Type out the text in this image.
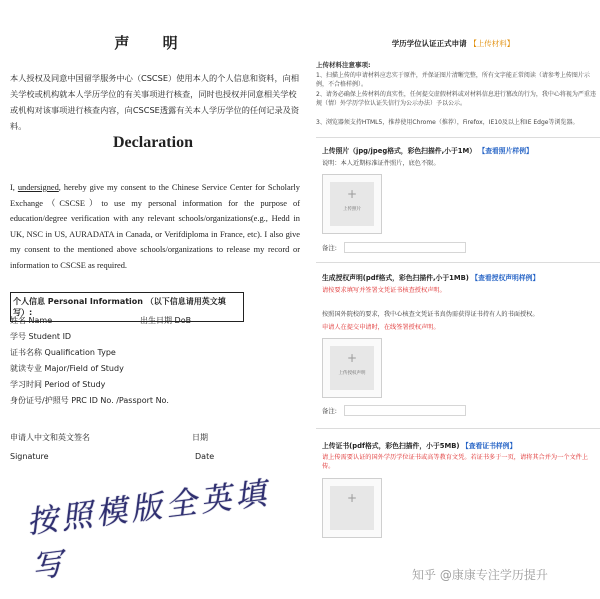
声 明

本人授权及同意中国留学服务中心（CSCSE）使用本人的个人信息和资料，向相关学校或机构就本人学历学位的有关事项进行核查，同时也授权并同意相关学校或机构对该事项进行核查内容，向CSCSE透露有关本人学历学位的任何记录及资料。

Declaration

I, undersigned, hereby give my consent to the Chinese Service Center for Scholarly Exchange（CSCSE）to use my personal information for the purpose of education/degree verification with any relevant schools/organizations(e.g., Hedd in UK, NSC in US, AURADATA in Canada, or Verifdiploma in France, etc). I also give my consent to the mentioned above schools/organizations to release my record or information to CSCSE as required.

个人信息 Personal Information （以下信息请用英文填写）:
姓名 Name	出生日期 DoB
学号 Student ID
证书名称 Qualification Type
就读专业 Major/Field of Study
学习时间 Period of Study
身份证号/护照号 PRC ID No. /Passport No.
申请人中文和英文签名	日期
Signature	Date
按照模版全英填写
学历学位认证正式申请 【上传材料】
上传材料注意事项:
1、扫描上传的申请材料应忠实于原件，并保证图片清晰完整，所有文字能正常阅读（请参考上传图片示例，不合格样例）。
2、请务必确保上传材料的真实性，任何提交虚假材料或对材料信息进行篡改的行为，我中心将视为严重违规（情）外学历学位认证失信行为公示办法）予以公示。
3、浏览器须支持HTML5，推荐使用Chrome（推荐），Firefox，IE10及以上和IE Edge等浏览器。
上传照片（jpg/jpeg格式，彩色扫描件,小于1M） 【查看照片样例】
说明：本人近期标准证件照片，底色不限。
+
上传照片
备注:
生成授权声明(pdf格式，彩色扫描件,小于1MB) 【查看授权声明样例】
请按要求填写并签署文凭证书核查授权声明。
按照国外院校的要求，我中心核查文凭证书真伪需获得证书持有人的书面授权。
申请人在提交申请时，在线签署授权声明。
+
上传授权声明
备注:
上传证书(pdf格式，彩色扫描件，小于5MB) 【查看证书样例】
请上传需要认证的国外学历学位证书或高等教育文凭。若证书多于一页，请将其合并为一个文件上传。
+
知乎 @康康专注学历提升
